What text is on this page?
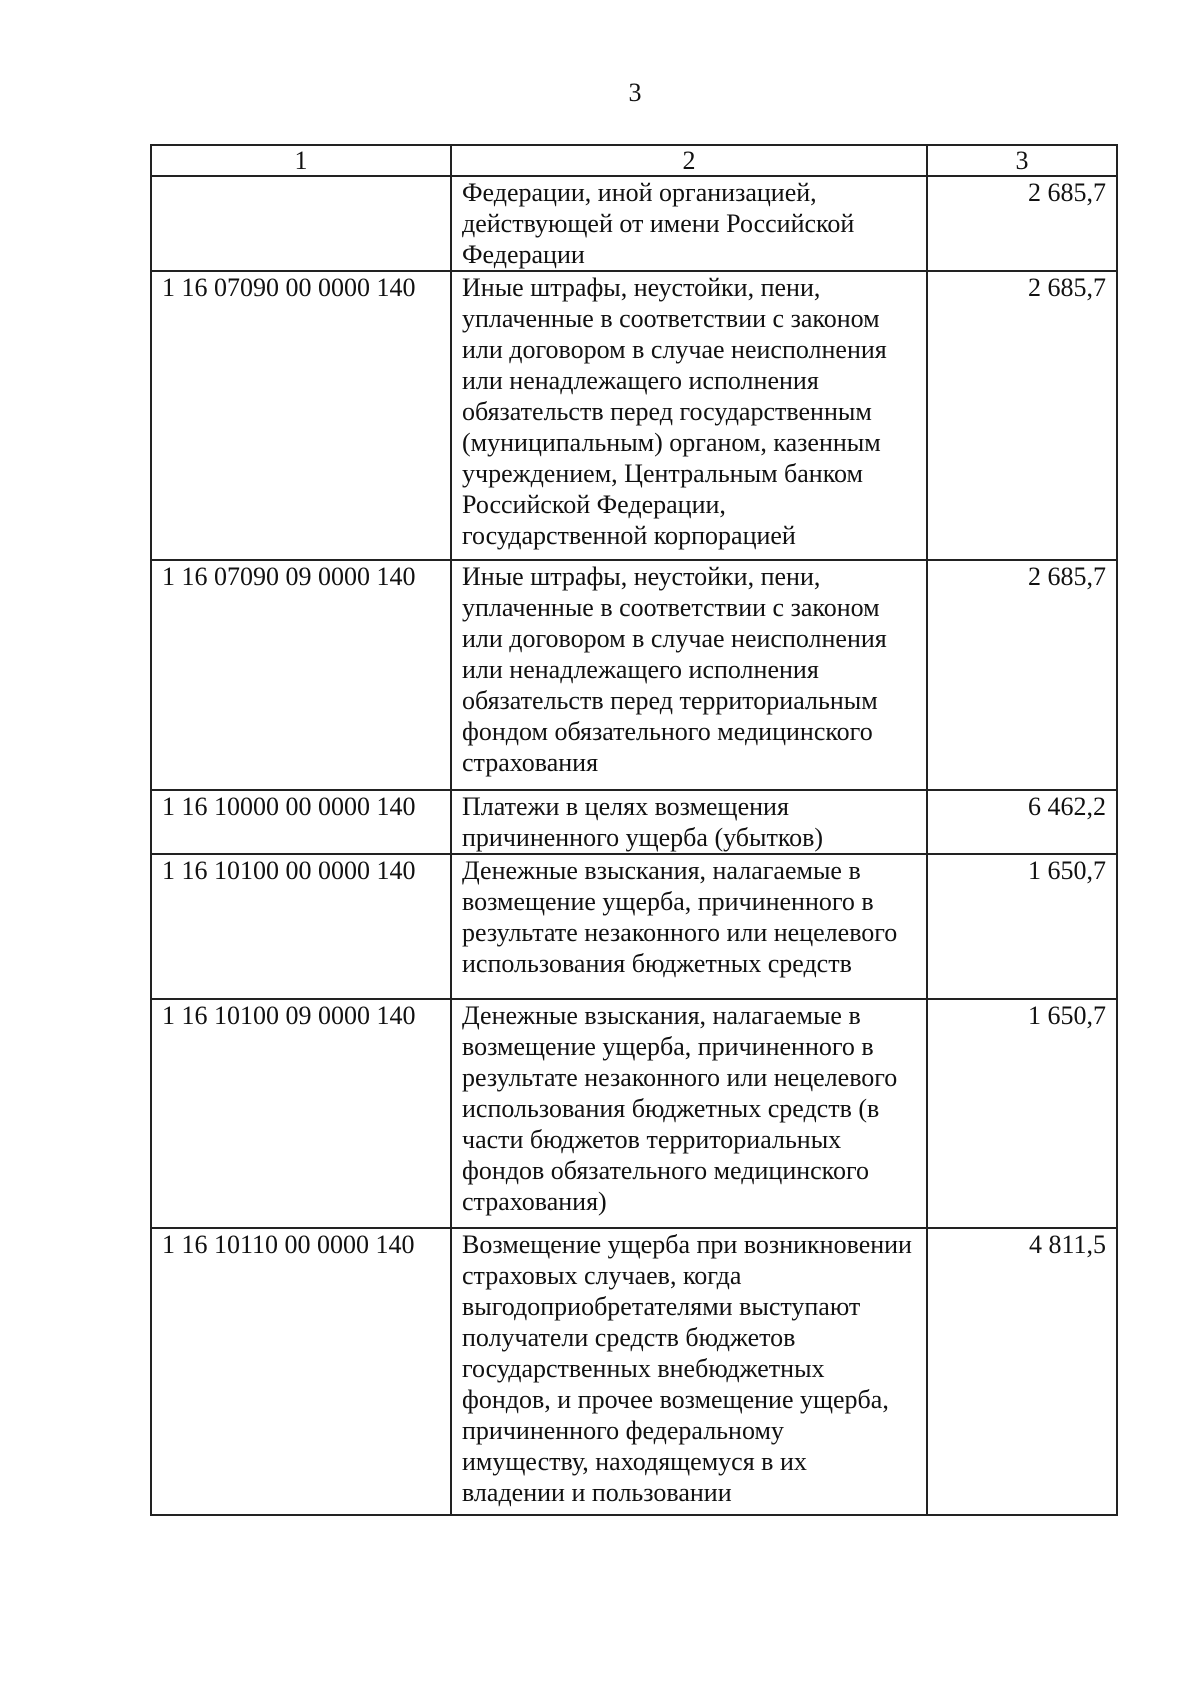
3
1	2	3
	Федерации, иной организацией, действующей от имени Российской Федерации	2 685,7
1 16 07090 00 0000 140	Иные штрафы, неустойки, пени, уплаченные в соответствии с законом или договором в случае неисполнения или ненадлежащего исполнения обязательств перед государственным (муниципальным) органом, казенным учреждением, Центральным банком Российской Федерации, государственной корпорацией	2 685,7
1 16 07090 09 0000 140	Иные штрафы, неустойки, пени, уплаченные в соответствии с законом или договором в случае неисполнения или ненадлежащего исполнения обязательств перед территориальным фондом обязательного медицинского страхования	2 685,7
1 16 10000 00 0000 140	Платежи в целях возмещения причиненного ущерба (убытков)	6 462,2
1 16 10100 00 0000 140	Денежные взыскания, налагаемые в возмещение ущерба, причиненного в результате незаконного или нецелевого использования бюджетных средств	1 650,7
1 16 10100 09 0000 140	Денежные взыскания, налагаемые в возмещение ущерба, причиненного в результате незаконного или нецелевого использования бюджетных средств (в части бюджетов территориальных фондов обязательного медицинского страхования)	1 650,7
1 16 10110 00 0000 140	Возмещение ущерба при возникновении страховых случаев, когда выгодоприобретателями выступают получатели средств бюджетов государственных внебюджетных фондов, и прочее возмещение ущерба, причиненного федеральному имуществу, находящемуся в их владении и пользовании	4 811,5
